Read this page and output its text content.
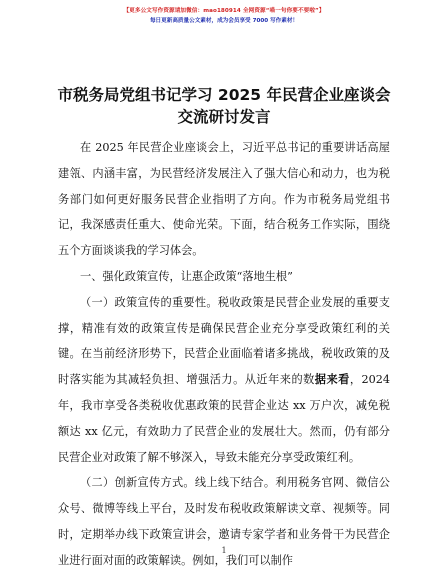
【更多公文写作资源请加微信：mao180914 全网资源“喵一句你要不要啦”】
每日更新高质量公文素材，成为会员享受 7000 写作素材！
市税务局党组书记学习 2025 年民营企业座谈会
交流研讨发言

在 2025 年民营企业座谈会上，习近平总书记的重要讲话高屋建瓴、内涵丰富，为民营经济发展注入了强大信心和动力，也为税务部门如何更好服务民营企业指明了方向。作为市税务局党组书记，我深感责任重大、使命光荣。下面，结合税务工作实际，围绕五个方面谈谈我的学习体会。

一、强化政策宣传，让惠企政策“落地生根”

（一）政策宣传的重要性。税收政策是民营企业发展的重要支撑，精准有效的政策宣传是确保民营企业充分享受政策红利的关键。在当前经济形势下，民营企业面临着诸多挑战，税收政策的及时落实能为其减轻负担、增强活力。从近年来的数据来看，2024 年，我市享受各类税收优惠政策的民营企业达 xx 万户次，减免税额达 xx 亿元，有效助力了民营企业的发展壮大。然而，仍有部分民营企业对政策了解不够深入，导致未能充分享受政策红利。

（二）创新宣传方式。线上线下结合。利用税务官网、微信公众号、微博等线上平台，及时发布税收政策解读文章、视频等。同时，定期举办线下政策宣讲会，邀请专家学者和业务骨干为民营企业进行面对面的政策解读。例如，我们可以制作

1
